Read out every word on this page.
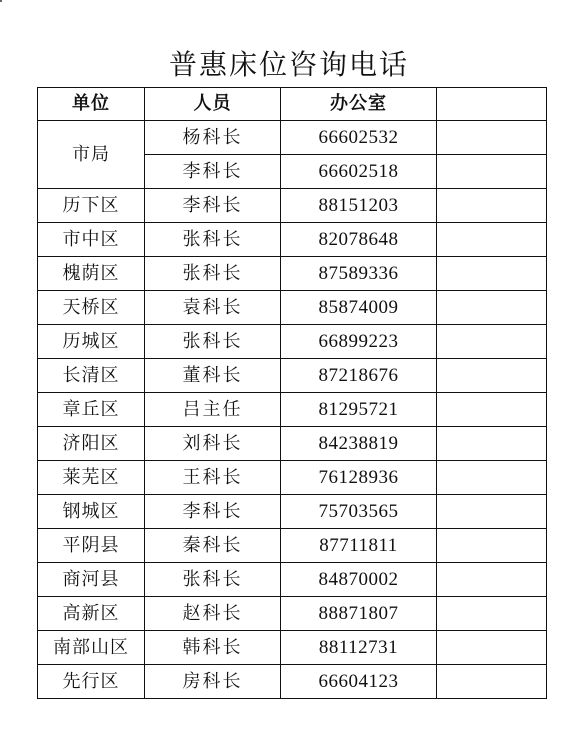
普惠床位咨询电话
单位	人员	办公室	
市局	杨科长	66602532	
	李科长	66602518	
历下区	李科长	88151203	
市中区	张科长	82078648	
槐荫区	张科长	87589336	
天桥区	袁科长	85874009	
历城区	张科长	66899223	
长清区	董科长	87218676	
章丘区	吕主任	81295721	
济阳区	刘科长	84238819	
莱芜区	王科长	76128936	
钢城区	李科长	75703565	
平阴县	秦科长	87711811	
商河县	张科长	84870002	
高新区	赵科长	88871807	
南部山区	韩科长	88112731	
先行区	房科长	66604123	
